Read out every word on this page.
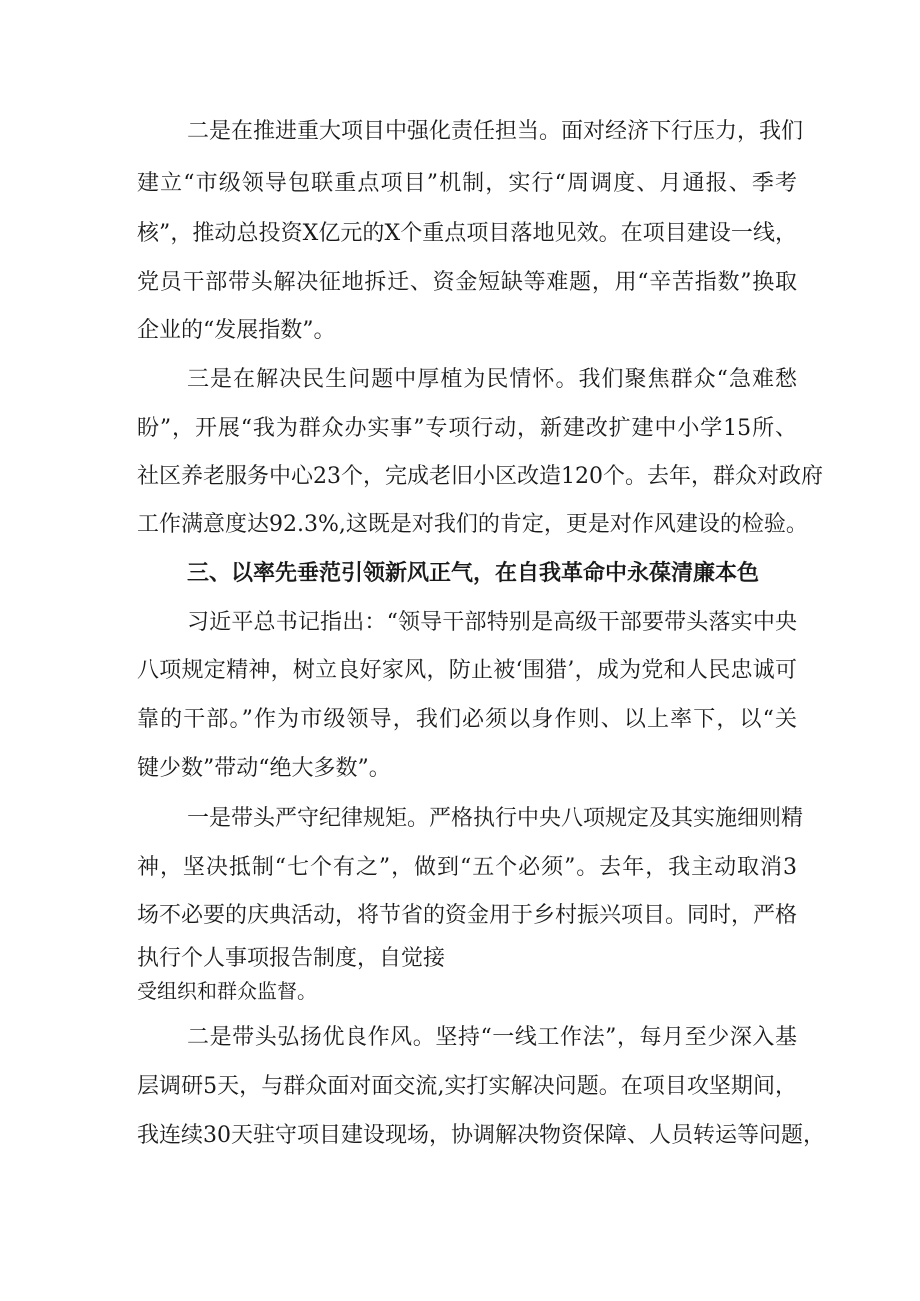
二是在推进重大项目中强化责任担当。面对经济下行压力，我们
建立“市级领导包联重点项目”机制，实行“周调度、月通报、季考
核”，推动总投资X亿元的X个重点项目落地见效。在项目建设一线，
党员干部带头解决征地拆迁、资金短缺等难题，用“辛苦指数”换取
企业的“发展指数”。
三是在解决民生问题中厚植为民情怀。我们聚焦群众“急难愁
盼”，开展“我为群众办实事”专项行动，新建改扩建中小学15所、
社区养老服务中心23个，完成老旧小区改造120个。去年，群众对政府
工作满意度达92.3%,这既是对我们的肯定，更是对作风建设的检验。
三、以率先垂范引领新风正气，在自我革命中永葆清廉本色
习近平总书记指出：“领导干部特别是高级干部要带头落实中央
八项规定精神，树立良好家风，防止被‘围猎’，成为党和人民忠诚可
靠的干部。”作为市级领导，我们必须以身作则、以上率下，以“关
键少数”带动“绝大多数”。
一是带头严守纪律规矩。严格执行中央八项规定及其实施细则精
神，坚决抵制“七个有之”，做到“五个必须”。去年，我主动取消3
场不必要的庆典活动，将节省的资金用于乡村振兴项目。同时，严格
执行个人事项报告制度，自觉接
受组织和群众监督。
二是带头弘扬优良作风。坚持“一线工作法”，每月至少深入基
层调研5天，与群众面对面交流,实打实解决问题。在项目攻坚期间，
我连续30天驻守项目建设现场，协调解决物资保障、人员转运等问题，
